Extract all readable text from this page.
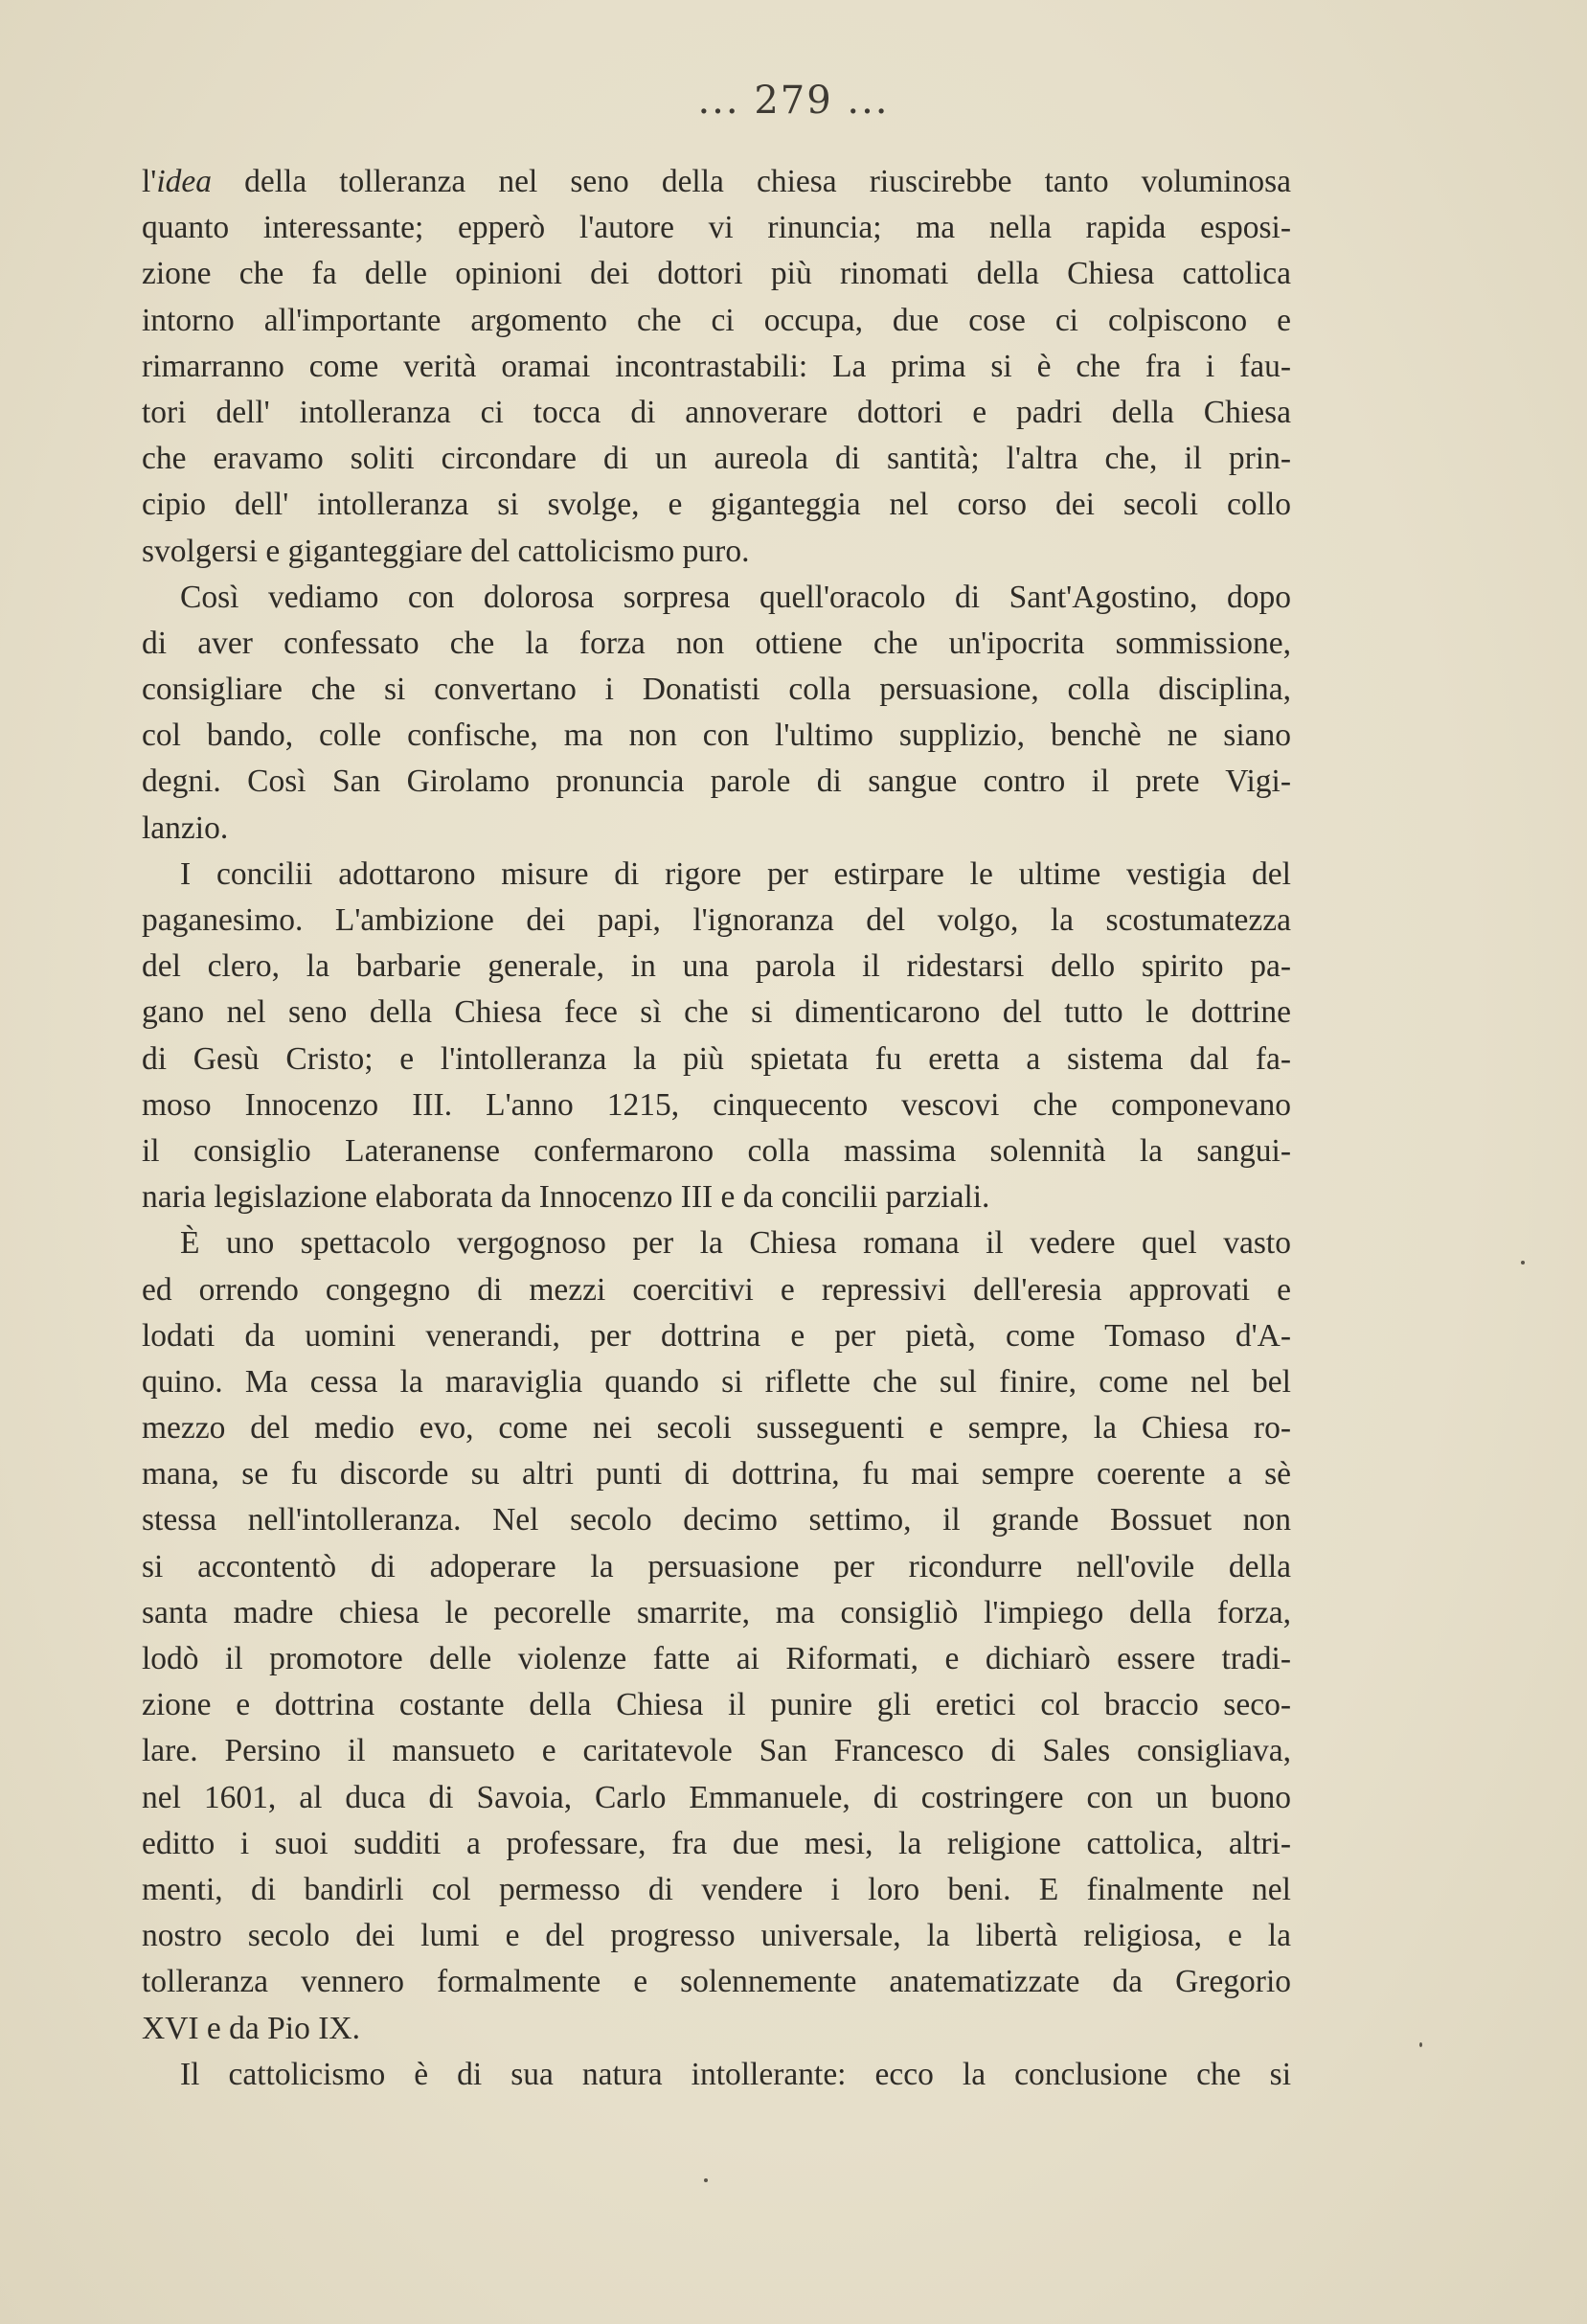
... 279 ...
l'idea della tolleranza nel seno della chiesa riuscirebbe tanto voluminosa
quanto interessante; epperò l'autore vi rinuncia; ma nella rapida esposi-
zione che fa delle opinioni dei dottori più rinomati della Chiesa cattolica
intorno all'importante argomento che ci occupa, due cose ci colpiscono e
rimarranno come verità oramai incontrastabili: La prima si è che fra i fau-
tori dell' intolleranza ci tocca di annoverare dottori e padri della Chiesa
che eravamo soliti circondare di un aureola di santità; l'altra che, il prin-
cipio dell' intolleranza si svolge, e giganteggia nel corso dei secoli collo
svolgersi e giganteggiare del cattolicismo puro.
Così vediamo con dolorosa sorpresa quell'oracolo di Sant'Agostino, dopo
di aver confessato che la forza non ottiene che un'ipocrita sommissione,
consigliare che si convertano i Donatisti colla persuasione, colla disciplina,
col bando, colle confische, ma non con l'ultimo supplizio, benchè ne siano
degni. Così San Girolamo pronuncia parole di sangue contro il prete Vigi-
lanzio.
I concilii adottarono misure di rigore per estirpare le ultime vestigia del
paganesimo. L'ambizione dei papi, l'ignoranza del volgo, la scostumatezza
del clero, la barbarie generale, in una parola il ridestarsi dello spirito pa-
gano nel seno della Chiesa fece sì che si dimenticarono del tutto le dottrine
di Gesù Cristo; e l'intolleranza la più spietata fu eretta a sistema dal fa-
moso Innocenzo III. L'anno 1215, cinquecento vescovi che componevano
il consiglio Lateranense confermarono colla massima solennità la sangui-
naria legislazione elaborata da Innocenzo III e da concilii parziali.
È uno spettacolo vergognoso per la Chiesa romana il vedere quel vasto
ed orrendo congegno di mezzi coercitivi e repressivi dell'eresia approvati e
lodati da uomini venerandi, per dottrina e per pietà, come Tomaso d'A-
quino. Ma cessa la maraviglia quando si riflette che sul finire, come nel bel
mezzo del medio evo, come nei secoli susseguenti e sempre, la Chiesa ro-
mana, se fu discorde su altri punti di dottrina, fu mai sempre coerente a sè
stessa nell'intolleranza. Nel secolo decimo settimo, il grande Bossuet non
si accontentò di adoperare la persuasione per ricondurre nell'ovile della
santa madre chiesa le pecorelle smarrite, ma consigliò l'impiego della forza,
lodò il promotore delle violenze fatte ai Riformati, e dichiarò essere tradi-
zione e dottrina costante della Chiesa il punire gli eretici col braccio seco-
lare. Persino il mansueto e caritatevole San Francesco di Sales consigliava,
nel 1601, al duca di Savoia, Carlo Emmanuele, di costringere con un buono
editto i suoi sudditi a professare, fra due mesi, la religione cattolica, altri-
menti, di bandirli col permesso di vendere i loro beni. E finalmente nel
nostro secolo dei lumi e del progresso universale, la libertà religiosa, e la
tolleranza vennero formalmente e solennemente anatematizzate da Gregorio
XVI e da Pio IX.
Il cattolicismo è di sua natura intollerante: ecco la conclusione che si
